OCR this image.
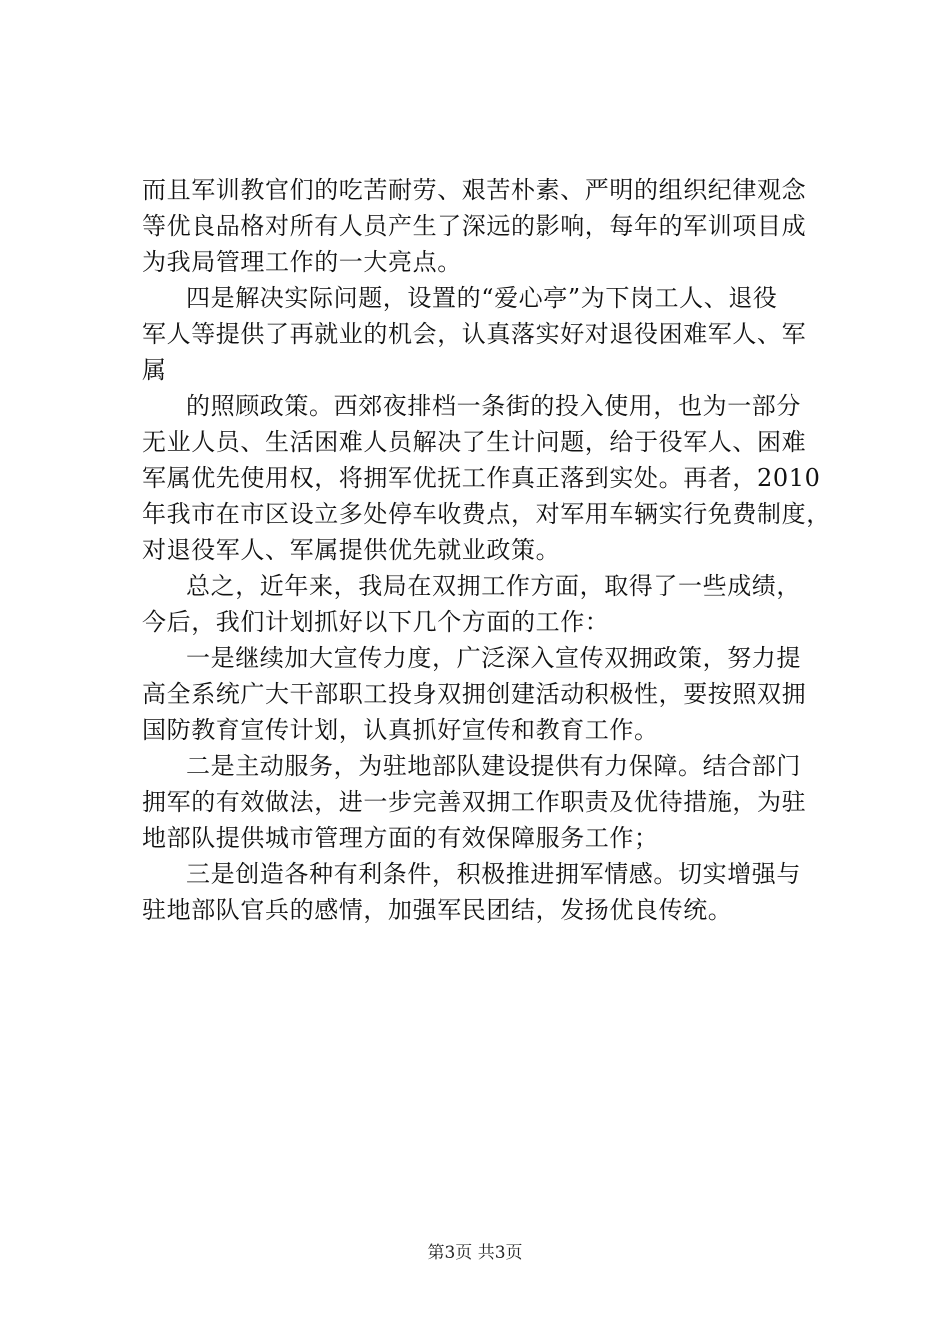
而且军训教官们的吃苦耐劳、艰苦朴素、严明的组织纪律观念
等优良品格对所有人员产生了深远的影响，每年的军训项目成
为我局管理工作的一大亮点。
四是解决实际问题，设置的“爱心亭”为下岗工人、退役
军人等提供了再就业的机会，认真落实好对退役困难军人、军
属
的照顾政策。西郊夜排档一条街的投入使用，也为一部分
无业人员、生活困难人员解决了生计问题，给于役军人、困难
军属优先使用权，将拥军优抚工作真正落到实处。再者，2010
年我市在市区设立多处停车收费点，对军用车辆实行免费制度，
对退役军人、军属提供优先就业政策。
总之，近年来，我局在双拥工作方面，取得了一些成绩，
今后，我们计划抓好以下几个方面的工作：
一是继续加大宣传力度，广泛深入宣传双拥政策，努力提
高全系统广大干部职工投身双拥创建活动积极性，要按照双拥
国防教育宣传计划，认真抓好宣传和教育工作。
二是主动服务，为驻地部队建设提供有力保障。结合部门
拥军的有效做法，进一步完善双拥工作职责及优待措施，为驻
地部队提供城市管理方面的有效保障服务工作；
三是创造各种有利条件，积极推进拥军情感。切实增强与
驻地部队官兵的感情，加强军民团结，发扬优良传统。
第3页 共3页
